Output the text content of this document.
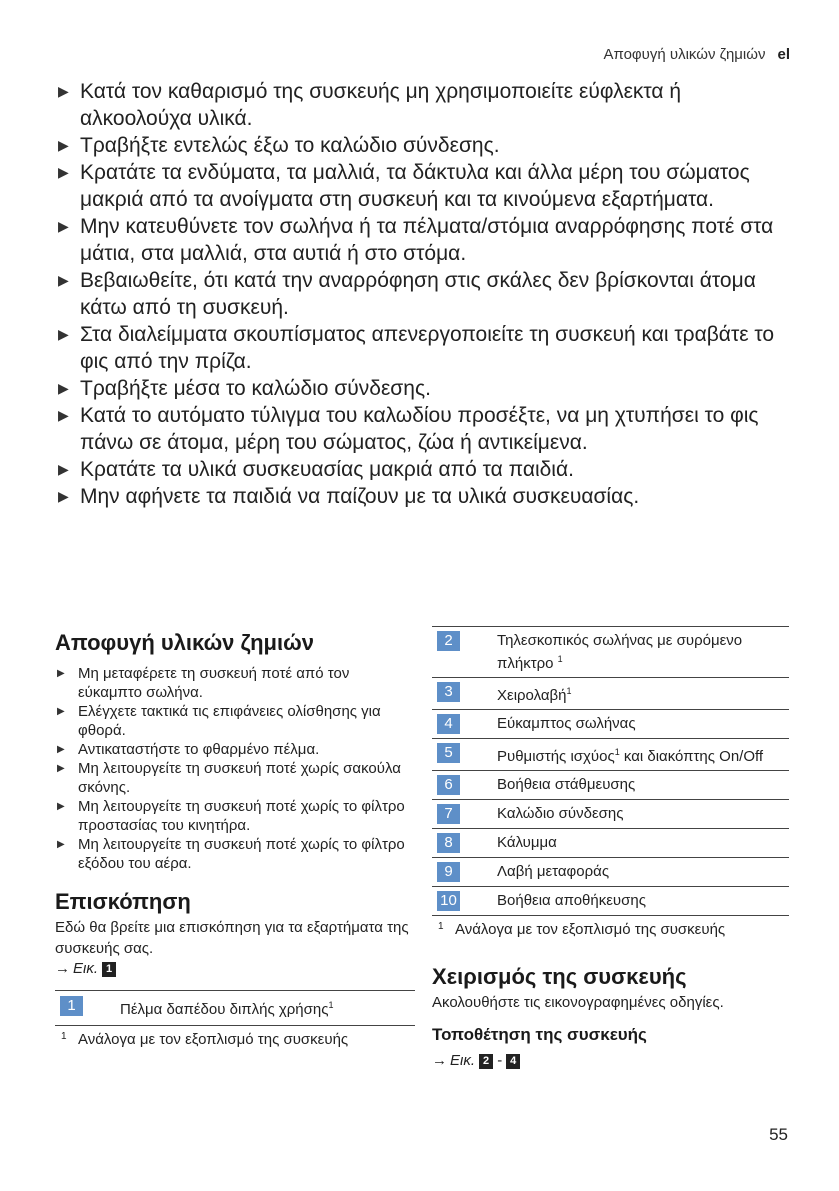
Αποφυγή υλικών ζημιών el
▶ Κατά τον καθαρισμό της συσκευής μη χρησιμοποιείτε εύφλεκτα ή αλκοολούχα υλικά.
▶ Τραβήξτε εντελώς έξω το καλώδιο σύνδεσης.
▶ Κρατάτε τα ενδύματα, τα μαλλιά, τα δάκτυλα και άλλα μέρη του σώματος μακριά από τα ανοίγματα στη συσκευή και τα κινούμενα εξαρτήματα.
▶ Μην κατευθύνετε τον σωλήνα ή τα πέλματα/στόμια αναρρόφησης ποτέ στα μάτια, στα μαλλιά, στα αυτιά ή στο στόμα.
▶ Βεβαιωθείτε, ότι κατά την αναρρόφηση στις σκάλες δεν βρίσκονται άτομα κάτω από τη συσκευή.
▶ Στα διαλείμματα σκουπίσματος απενεργοποιείτε τη συσκευή και τραβάτε το φις από την πρίζα.
▶ Τραβήξτε μέσα το καλώδιο σύνδεσης.
▶ Κατά το αυτόματο τύλιγμα του καλωδίου προσέξτε, να μη χτυπήσει το φις πάνω σε άτομα, μέρη του σώματος, ζώα ή αντικείμενα.
▶ Κρατάτε τα υλικά συσκευασίας μακριά από τα παιδιά.
▶ Μην αφήνετε τα παιδιά να παίζουν με τα υλικά συσκευασίας.
Αποφυγή υλικών ζημιών
▶ Μη μεταφέρετε τη συσκευή ποτέ από τον εύκαμπτο σωλήνα.
▶ Ελέγχετε τακτικά τις επιφάνειες ολίσθησης για φθορά.
▶ Αντικαταστήστε το φθαρμένο πέλμα.
▶ Μη λειτουργείτε τη συσκευή ποτέ χωρίς σακούλα σκόνης.
▶ Μη λειτουργείτε τη συσκευή ποτέ χωρίς το φίλτρο προστασίας του κινητήρα.
▶ Μη λειτουργείτε τη συσκευή ποτέ χωρίς το φίλτρο εξόδου του αέρα.
Επισκόπηση

Εδώ θα βρείτε μια επισκόπηση για τα εξαρτήματα της συσκευής σας.

→ Εικ. 1
1	Πέλμα δαπέδου διπλής χρήσης$^1$
1 Ανάλογα με τον εξοπλισμό της συσκευής
2	Τηλεσκοπικός σωλήνας με συρόμενο πλήκτρο $^1$
3	Χειρολαβή$^1$
4	Εύκαμπτος σωλήνας
5	Ρυθμιστής ισχύος$^1$ και διακόπτης On/Off
6	Βοήθεια στάθμευσης
7	Καλώδιο σύνδεσης
8	Κάλυμμα
9	Λαβή μεταφοράς
10	Βοήθεια αποθήκευσης
1 Ανάλογα με τον εξοπλισμό της συσκευής
Χειρισμός της συσκευής

Ακολουθήστε τις εικονογραφημένες οδηγίες.

Τοποθέτηση της συσκευής
→ Εικ. 2 - 4
55
